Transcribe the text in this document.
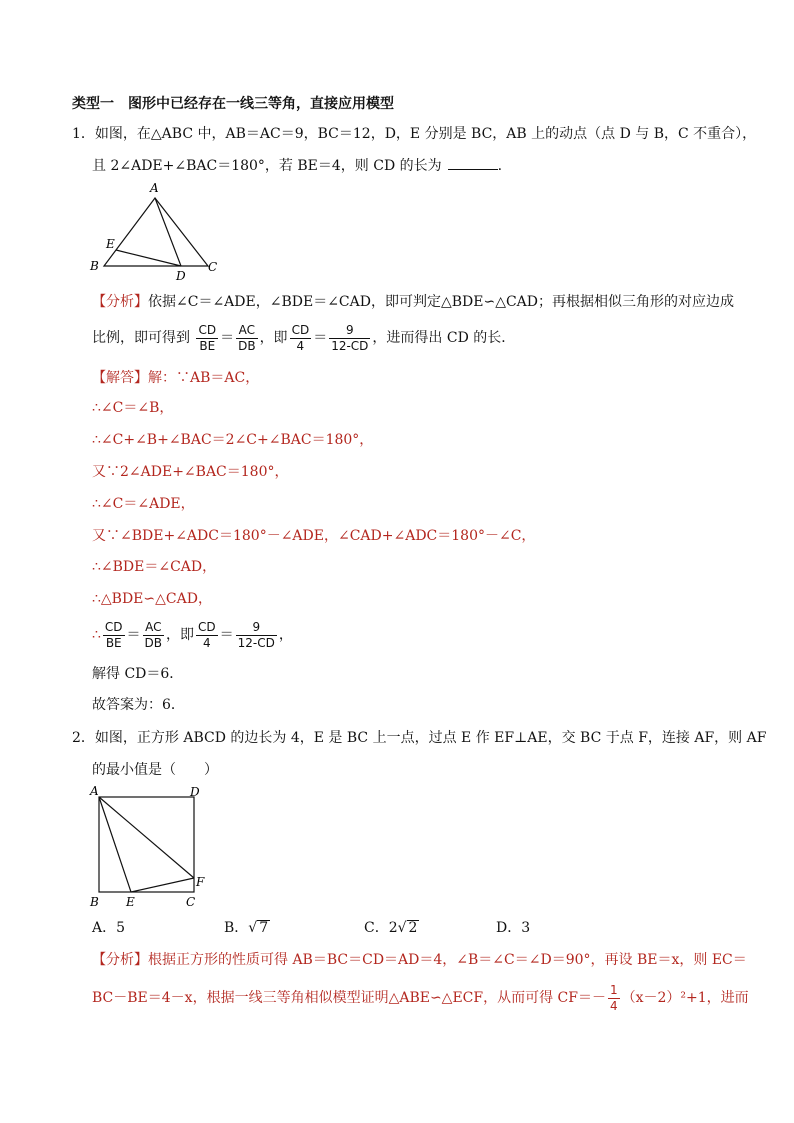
类型一　图形中已经存在一线三等角，直接应用模型
1．如图，在△ABC 中，AB＝AC＝9，BC＝12，D，E 分别是 BC，AB 上的动点（点 D 与 B，C 不重合），
且 2∠ADE+∠BAC＝180°，若 BE＝4，则 CD 的长为	.
A
E
B
D
C
【分析】依据∠C＝∠ADE，∠BDE＝∠CAD，即可判定△BDE∽△CAD；再根据相似三角形的对应边成
比例，即可得到 $\frac{CD}{BE} = \frac{AC}{DB}$ ，即 $\frac{CD}{4} = \frac{9}{12-CD}$ ，进而得出 CD 的长．
【解答】解：∵AB＝AC，
∴∠C＝∠B，
∴∠C+∠B+∠BAC＝2∠C+∠BAC＝180°，
又∵2∠ADE+∠BAC＝180°，
∴∠C＝∠ADE，
又∵∠BDE+∠ADC＝180°－∠ADE，∠CAD+∠ADC＝180°－∠C，
∴∠BDE＝∠CAD，
∴△BDE∽△CAD，
∴ $\frac{CD}{BE} = \frac{AC}{DB}$ ，即 $\frac{CD}{4} = \frac{9}{12-CD}$ ，
解得 CD＝6．
故答案为：6．
2．如图，正方形 ABCD 的边长为 4，E 是 BC 上一点，过点 E 作 EF⊥AE，交 BC 于点 F，连接 AF，则 AF
的最小值是（　　）
A	D
F
B E	C
A．5	B．√ 7	C．2√ 2	D．3
【分析】根据正方形的性质可得 AB＝BC＝CD＝AD＝4，∠B＝∠C＝∠D＝90°，再设 BE＝x，则 EC＝
BC－BE＝4－x，根据一线三等角相似模型证明△ABE∽△ECF，从而可得 $CF=- \frac{1}{4} (x-2)^2+1$，进而
